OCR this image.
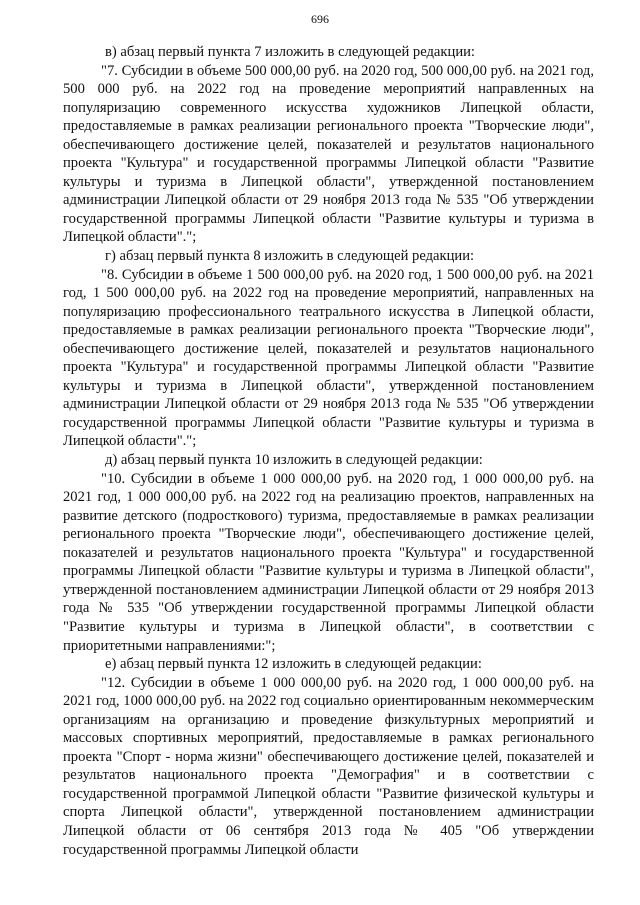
696

в) абзац первый пункта 7 изложить в следующей редакции:

"7. Субсидии в объеме 500 000,00 руб. на 2020 год, 500 000,00 руб. на 2021 год, 500 000 руб. на 2022 год на проведение мероприятий направленных на популяризацию современного искусства художников Липецкой области, предоставляемые в рамках реализации регионального проекта "Творческие люди", обеспечивающего достижение целей, показателей и результатов национального проекта "Культура" и государственной программы Липецкой области "Развитие культуры и туризма в Липецкой области", утвержденной постановлением администрации Липецкой области от 29 ноября 2013 года № 535 "Об утверждении государственной программы Липецкой области "Развитие культуры и туризма в Липецкой области".";

г) абзац первый пункта 8 изложить в следующей редакции:

"8. Субсидии в объеме 1 500 000,00 руб. на 2020 год, 1 500 000,00 руб. на 2021 год, 1 500 000,00 руб. на 2022 год на проведение мероприятий, направленных на популяризацию профессионального театрального искусства в Липецкой области, предоставляемые в рамках реализации регионального проекта "Творческие люди", обеспечивающего достижение целей, показателей и результатов национального проекта "Культура" и государственной программы Липецкой области "Развитие культуры и туризма в Липецкой области", утвержденной постановлением администрации Липецкой области от 29 ноября 2013 года № 535 "Об утверждении государственной программы Липецкой области "Развитие культуры и туризма в Липецкой области".";

д) абзац первый пункта 10 изложить в следующей редакции:

"10. Субсидии в объеме 1 000 000,00 руб. на 2020 год, 1 000 000,00 руб. на 2021 год, 1 000 000,00 руб. на 2022 год на реализацию проектов, направленных на развитие детского (подросткового) туризма, предоставляемые в рамках реализации регионального проекта "Творческие люди", обеспечивающего достижение целей, показателей и результатов национального проекта "Культура" и государственной программы Липецкой области "Развитие культуры и туризма в Липецкой области", утвержденной постановлением администрации Липецкой области от 29 ноября 2013 года № 535 "Об утверждении государственной программы Липецкой области "Развитие культуры и туризма в Липецкой области", в соответствии с приоритетными направлениями:";

е) абзац первый пункта 12 изложить в следующей редакции:

"12. Субсидии в объеме 1 000 000,00 руб. на 2020 год, 1 000 000,00 руб. на 2021 год, 1000 000,00 руб. на 2022 год социально ориентированным некоммерческим организациям на организацию и проведение физкультурных мероприятий и массовых спортивных мероприятий, предоставляемые в рамках регионального проекта "Спорт - норма жизни" обеспечивающего достижение целей, показателей и результатов национального проекта "Демография" и в соответствии с государственной программой Липецкой области "Развитие физической культуры и спорта Липецкой области", утвержденной постановлением администрации Липецкой области от 06 сентября 2013 года № 405 "Об утверждении государственной программы Липецкой области
